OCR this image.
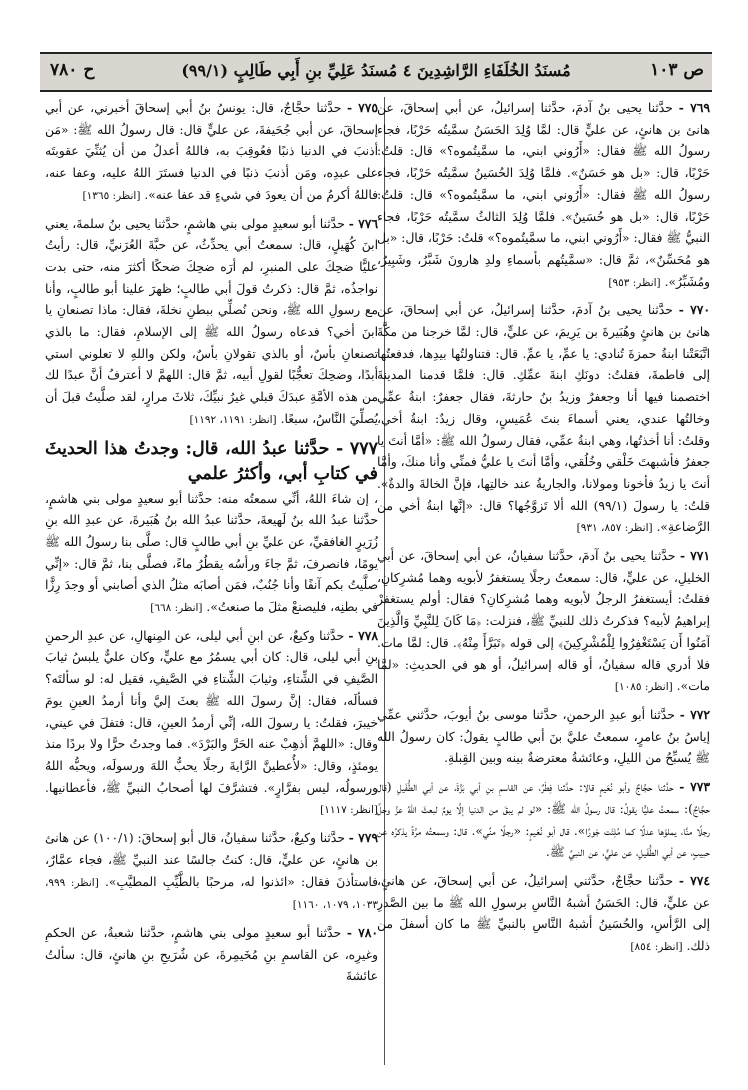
ص ١٠٣
مُسنَدُ الخُلَفَاءِ الرَّاشِدِينَ ٤ مُسنَدُ عَلِيِّ بنِ أَبِي طَالِبٍ (٩٩/١)
ح ٧٨٠
٧٦٩ - حدَّثنا يحيى بنُ آدمَ، حدَّثنا إسرائيلُ، عن أبي إسحاقَ، عن هانئ بن هانئٍ، عن عليٍّ قال: لمَّا وُلِدَ الحَسَنُ سمَّيتُه حَرْبًا، فجاء رسولُ الله ﷺ فقال: «أَرُوني ابني، ما سمَّيتُموه؟» قال: قلتُ: حَرْبًا، قال: «بل هو حَسَنٌ». فلمَّا وُلِدَ الحُسَينُ سمَّيتُه حَرْبًا، فجاء رسولُ الله ﷺ فقال: «أَرُوني ابني، ما سمَّيتُموه؟» قال: قلتُ: حَرْبًا، قال: «بل هو حُسَينٌ». فلمَّا وُلِدَ الثالثُ سمَّيتُه حَرْبًا، فجاء النبيُّ ﷺ فقال: «أَرُوني ابني، ما سمَّيتُموه؟» قلتُ: حَرْبًا، قال: «بل هو مُحَسِّنٌ»، ثمَّ قال: «سمَّيتُهم بأسماءِ ولدِ هارونَ شَبَّرُ، وشَبِيرُ، ومُشَبِّرُ». [انظر: ٩٥٣]
٧٧٠ - حدَّثنا يحيى بنُ آدمَ، حدَّثنا إسرائيلُ، عن أبي إسحاقَ، عن هانئ بن هانئٍ وهُبَيرةَ بن يَرِيمَ، عن عليٍّ، قال: لمَّا خرجنا من مكَّةَ اتَّبَعَتْنا ابنةُ حمزةَ تُنادي: يا عمِّ، يا عمِّ. قال: فتناولتُها بيدِها، فدفعتُها إلى فاطمةَ، فقلتُ: دونَكِ ابنةَ عمِّكِ. قال: فلمَّا قدمنا المدينةَ اختصمنا فيها أنا وجعفرٌ وزيدُ بنُ حارثةَ، فقال جعفرٌ: ابنةُ عمِّي وخالتُها عندي، يعني أسماءَ بنتَ عُمَيسٍ، وقال زيدٌ: ابنةُ أخي، وقلتُ: أنا أخذتُها، وهي ابنةُ عمِّي، فقال رسولُ الله ﷺ: «أمَّا أنتَ يا جعفرُ فأشبهتَ خَلْقي وخُلُقي، وأمَّا أنتَ يا عليُّ فمنِّي وأنا منكَ، وأمَّا أنتَ يا زيدُ فأخونا ومولانا، والجاريةُ عند خالتِها، فإنَّ الخالةَ والدةٌ». قلتُ: يا رسولَ (٩٩/١) الله ألا تَزوَّجُها؟ قال: «إنَّها ابنةُ أخي من الرَّضاعةِ». [انظر: ٨٥٧، ٩٣١]
٧٧١ - حدَّثنا يحيى بنُ آدمَ، حدَّثنا سفيانُ، عن أبي إسحاقَ، عن أبي الخليلِ، عن عليٍّ، قال: سمعتُ رجلًا يستغفرُ لأبويه وهما مُشرِكانِ، فقلتُ: أيستغفرُ الرجلُ لأبويه وهما مُشرِكانِ؟ فقال: أولم يستغفرْ إبراهيمُ لأبيه؟ فذكرتُ ذلك للنبيِّ ﷺ، فنزلت: ﴿مَا كَانَ لِلنَّبِيِّ وَالَّذِينَ آمَنُوا أَن يَسْتَغْفِرُوا لِلْمُشْرِكِينَ﴾ إلى قوله ﴿تَبَرَّأَ مِنْهُ﴾. قال: لمَّا مات. فلا أدري قاله سفيانُ، أو قاله إسرائيلُ، أو هو في الحديثِ: «لمَّا مات». [انظر: ١٠٨٥]
٧٧٢ - حدَّثنا أبو عبدِ الرحمنِ، حدَّثنا موسى بنُ أيوبَ، حدَّثني عمِّي إياسُ بنُ عامرٍ، سمعتُ عليَّ بنَ أبي طالبٍ يقولُ: كان رسولُ الله ﷺ يُسبِّحُ من الليلِ، وعائشةُ معترضةٌ بينه وبين القِبلةِ.
٧٧٣ - حدَّثنا حجَّاجٌ وأبو نُعَيمٍ قالا: حدَّثنا فِطْرٌ، عن القاسمِ بنِ أبي بَزَّةَ، عن أبي الطُّفَيلِ (قال حجَّاجٌ): سمعتُ عليًّا يقولُ: قال رسولُ الله ﷺ: «لو لم يبقَ من الدنيا إلَّا يومٌ لبعثَ اللهُ عزَّ وجلَّ رجلًا منَّا، يملؤها عدلًا كما مُلِئَت جَورًا». قال أبو نُعَيمٍ: «رجلًا منِّي». قال: وسمعتُه مرَّةً يذكرُه عن حبيبٍ، عن أبي الطُّفَيلِ، عن عليٍّ، عن النبيِّ ﷺ.
٧٧٤ - حدَّثنا حجَّاجٌ، حدَّثني إسرائيلُ، عن أبي إسحاقَ، عن هانئٍ، عن عليٍّ، قال: الحَسَنُ أشبهُ النَّاسِ برسولِ الله ﷺ ما بين الصَّدرِ إلى الرَّأسِ، والحُسَينُ أشبهُ النَّاسِ بالنبيِّ ﷺ ما كان أسفلَ من ذلك. [انظر: ٨٥٤]
٧٧٥ - حدَّثنا حجَّاجٌ، قال: يونسُ بنُ أبي إسحاقَ أخبرني، عن أبي إسحاقَ، عن أبي جُحَيفةَ، عن عليٍّ قال: قال رسولُ الله ﷺ: «مَن أذنبَ في الدنيا ذنبًا فعُوقِبَ به، فاللهُ أعدلُ من أن يُثنِّيَ عقوبتَه على عبدِه، ومَن أذنبَ ذنبًا في الدنيا فستَرَ اللهُ عليه، وعفا عنه، فاللهُ أكرمُ من أن يعودَ في شيءٍ قد عفا عنه». [انظر: ١٣٦٥]
٧٧٦ - حدَّثنا أبو سعيدٍ مولى بني هاشمٍ، حدَّثنا يحيى بنُ سلمةَ، يعني ابنَ كُهَيلٍ، قال: سمعتُ أبي يحدِّثُ، عن حبَّةَ العُرَنيِّ، قال: رأيتُ عليًّا ضحِكَ على المنبرِ، لم أرَه ضحِكَ ضحكًا أكثرَ منه، حتى بدت نواجذُه، ثمَّ قال: ذكرتُ قولَ أبي طالبٍ؛ ظهرَ علينا أبو طالبٍ، وأنا مع رسولِ الله ﷺ، ونحن نُصلِّي ببطنِ نخلةَ، فقال: ماذا تصنعانِ يا ابنَ أخي؟ فدعاه رسولُ الله ﷺ إلى الإسلامِ، فقال: ما بالذي تصنعانِ بأسٌ، أو بالذي تقولانِ بأسٌ، ولكن واللهِ لا تعلوني استي أبدًا، وضحِكَ تعجُّبًا لقولِ أبيه، ثمَّ قال: اللهمَّ لا أعترفُ أنَّ عبدًا لك من هذه الأمَّةِ عبدَكَ قبلي غيرُ نبيِّكَ، ثلاثَ مرارٍ، لقد صلَّيتُ قبلَ أن يُصلِّيَ النَّاسُ، سبعًا. [انظر: ١١٩١، ١١٩٢]
٧٧٧ - حدَّثنا عبدُ الله، قال: وجدتُ هذا الحديثَ في كتابِ أبي، وأكثرُ علمي
، إن شاءَ اللهُ، أنِّي سمعتُه منه: حدَّثنا أبو سعيدٍ مولى بني هاشمٍ، حدَّثنا عبدُ الله بنُ لَهيعةَ، حدَّثنا عبدُ الله بنُ هُبَيرةَ، عن عبدِ الله بنِ زُرَيرٍ الغافقيِّ، عن عليِّ بنِ أبي طالبٍ قال: صلَّى بنا رسولُ الله ﷺ يومًا، فانصرفَ، ثمَّ جاءَ ورأسُه يقطُرُ ماءً، فصلَّى بنا، ثمَّ قال: «إنِّي صلَّيتُ بكم آنفًا وأنا جُنُبٌ، فمَن أصابَه مثلُ الذي أصابني أو وجدَ رِزًّا في بطنِه، فليصنعْ مثلَ ما صنعتُ». [انظر: ٦٦٨]
٧٧٨ - حدَّثنا وكيعٌ، عن ابنِ أبي ليلى، عن المِنهالِ، عن عبدِ الرحمنِ بنِ أبي ليلى، قال: كان أبي يسمُرُ مع عليٍّ، وكان عليٌّ يلبسُ ثيابَ الصَّيفِ في الشِّتاءِ، وثيابَ الشِّتاءِ في الصَّيفِ، فقيل له: لو سألتَه؟ فسألَه، فقال: إنَّ رسولَ الله ﷺ بعثَ إليَّ وأنا أرمدُ العينِ يومَ خيبرَ، فقلتُ: يا رسولَ الله، إنِّي أرمدُ العينِ، قال: فتفلَ في عيني، وقال: «اللهمَّ أذهِبْ عنه الحَرَّ والبَرْدَ». فما وجدتُ حرًّا ولا بردًا منذ يومئذٍ، وقال: «لأُعطينَّ الرَّايةَ رجلًا يحبُّ اللهَ ورسولَه، ويحبُّه اللهُ ورسولُه، ليس بفرَّارٍ». فتشرَّفَ لها أصحابُ النبيِّ ﷺ، فأعطانيها. [انظر: ١١١٧]
٧٧٩ - حدَّثنا وكيعٌ، حدَّثنا سفيانُ، قال أبو إسحاقَ: (١٠٠/١) عن هانئ بن هانئٍ، عن عليٍّ، قال: كنتُ جالسًا عند النبيِّ ﷺ، فجاء عمَّارٌ، فاستأذنَ فقال: «ائذنوا له، مرحبًا بالطَّيِّبِ المطيَّبِ». [انظر: ٩٩٩، ١٠٣٣، ١٠٧٩، ١١٦٠]
٧٨٠ - حدَّثنا أبو سعيدٍ مولى بني هاشمٍ، حدَّثنا شعبةُ، عن الحكمِ وغيرِه، عن القاسمِ بنِ مُخَيمِرةَ، عن شُرَيحِ بنِ هانئٍ، قال: سألتُ عائشةَ
